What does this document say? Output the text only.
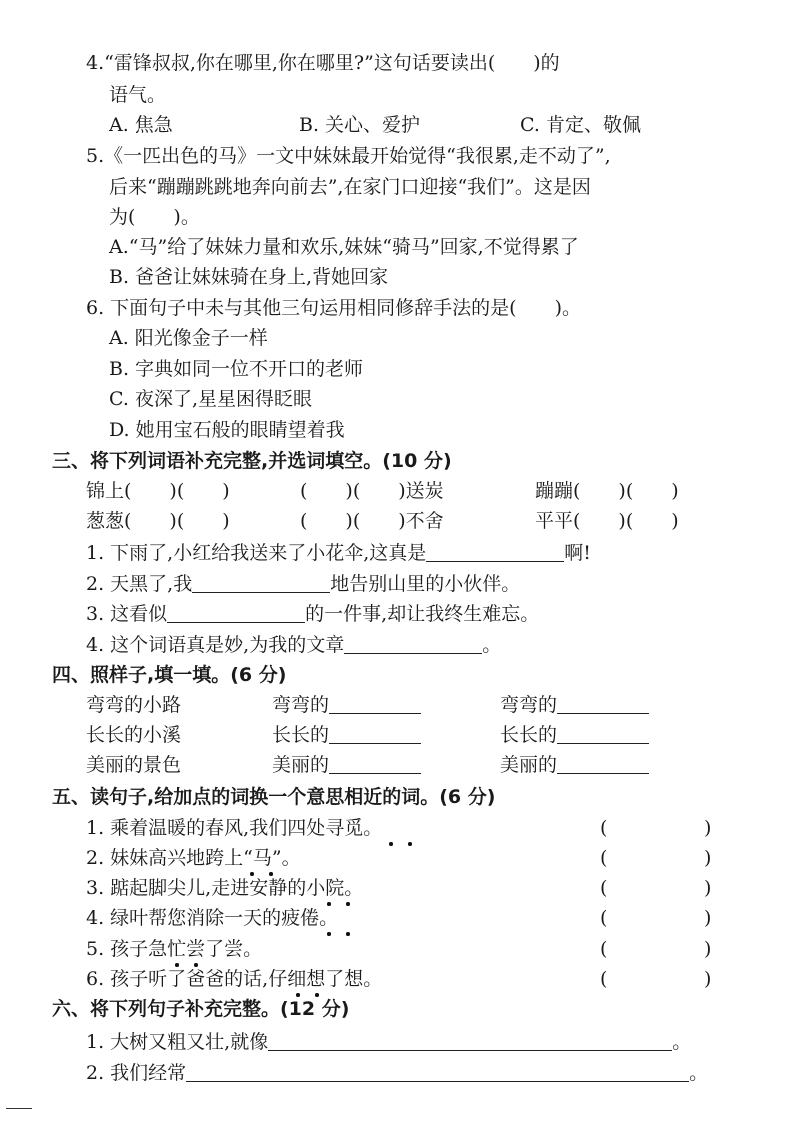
4.“雷锋叔叔,你在哪里,你在哪里?”这句话要读出(　　)的
语气。
A. 焦急	B. 关心、爱护	C. 肯定、敬佩
5.《一匹出色的马》一文中妹妹最开始觉得“我很累,走不动了”,
后来“蹦蹦跳跳地奔向前去”,在家门口迎接“我们”。这是因
为(　　)。
A.“马”给了妹妹力量和欢乐,妹妹“骑马”回家,不觉得累了
B. 爸爸让妹妹骑在身上,背她回家
6. 下面句子中未与其他三句运用相同修辞手法的是(　　)。
A. 阳光像金子一样
B. 字典如同一位不开口的老师
C. 夜深了,星星困得眨眼
D. 她用宝石般的眼睛望着我
三、将下列词语补充完整,并选词填空。(10 分)
锦上(　　)(　　)	(　　)(　　)送炭	蹦蹦(　　)(　　)
葱葱(　　)(　　)	(　　)(　　)不舍	平平(　　)(　　)
1. 下雨了,小红给我送来了小花伞,这真是	啊!
2. 天黑了,我	地告别山里的小伙伴。
3. 这看似	的一件事,却让我终生难忘。
4. 这个词语真是妙,为我的文章	。
四、照样子,填一填。(6 分)
弯弯的小路	弯弯的	弯弯的
长长的小溪	长长的	长长的
美丽的景色	美丽的	美丽的
五、读句子,给加点的词换一个意思相近的词。(6 分)
1. 乘着温暖的春风,我们四处寻觅。	(	)
2. 妹妹高兴地跨上“马”。	(	)
3. 踮起脚尖儿,走进安静的小院。	(	)
4. 绿叶帮您消除一天的疲倦。	(	)
5. 孩子急忙尝了尝。	(	)
6. 孩子听了爸爸的话,仔细想了想。	(	)
六、将下列句子补充完整。(12 分)
1. 大树又粗又壮,就像	。
2. 我们经常	。
